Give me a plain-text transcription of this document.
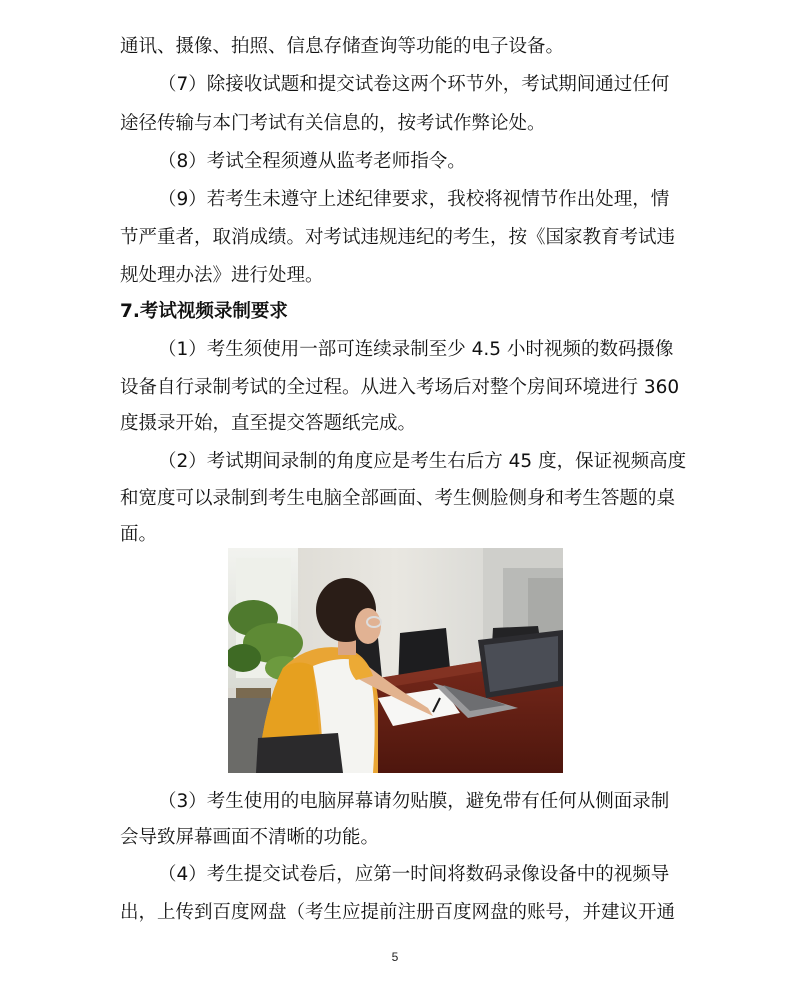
通讯、摄像、拍照、信息存储查询等功能的电子设备。
（7）除接收试题和提交试卷这两个环节外，考试期间通过任何
途径传输与本门考试有关信息的，按考试作弊论处。
（8）考试全程须遵从监考老师指令。
（9）若考生未遵守上述纪律要求，我校将视情节作出处理，情
节严重者，取消成绩。对考试违规违纪的考生，按《国家教育考试违
规处理办法》进行处理。
7.考试视频录制要求
（1）考生须使用一部可连续录制至少 4.5 小时视频的数码摄像
设备自行录制考试的全过程。从进入考场后对整个房间环境进行 360
度摄录开始，直至提交答题纸完成。
（2）考试期间录制的角度应是考生右后方 45 度，保证视频高度
和宽度可以录制到考生电脑全部画面、考生侧脸侧身和考生答题的桌
面。
（3）考生使用的电脑屏幕请勿贴膜，避免带有任何从侧面录制
会导致屏幕画面不清晰的功能。
（4）考生提交试卷后，应第一时间将数码录像设备中的视频导
出，上传到百度网盘（考生应提前注册百度网盘的账号，并建议开通
5
